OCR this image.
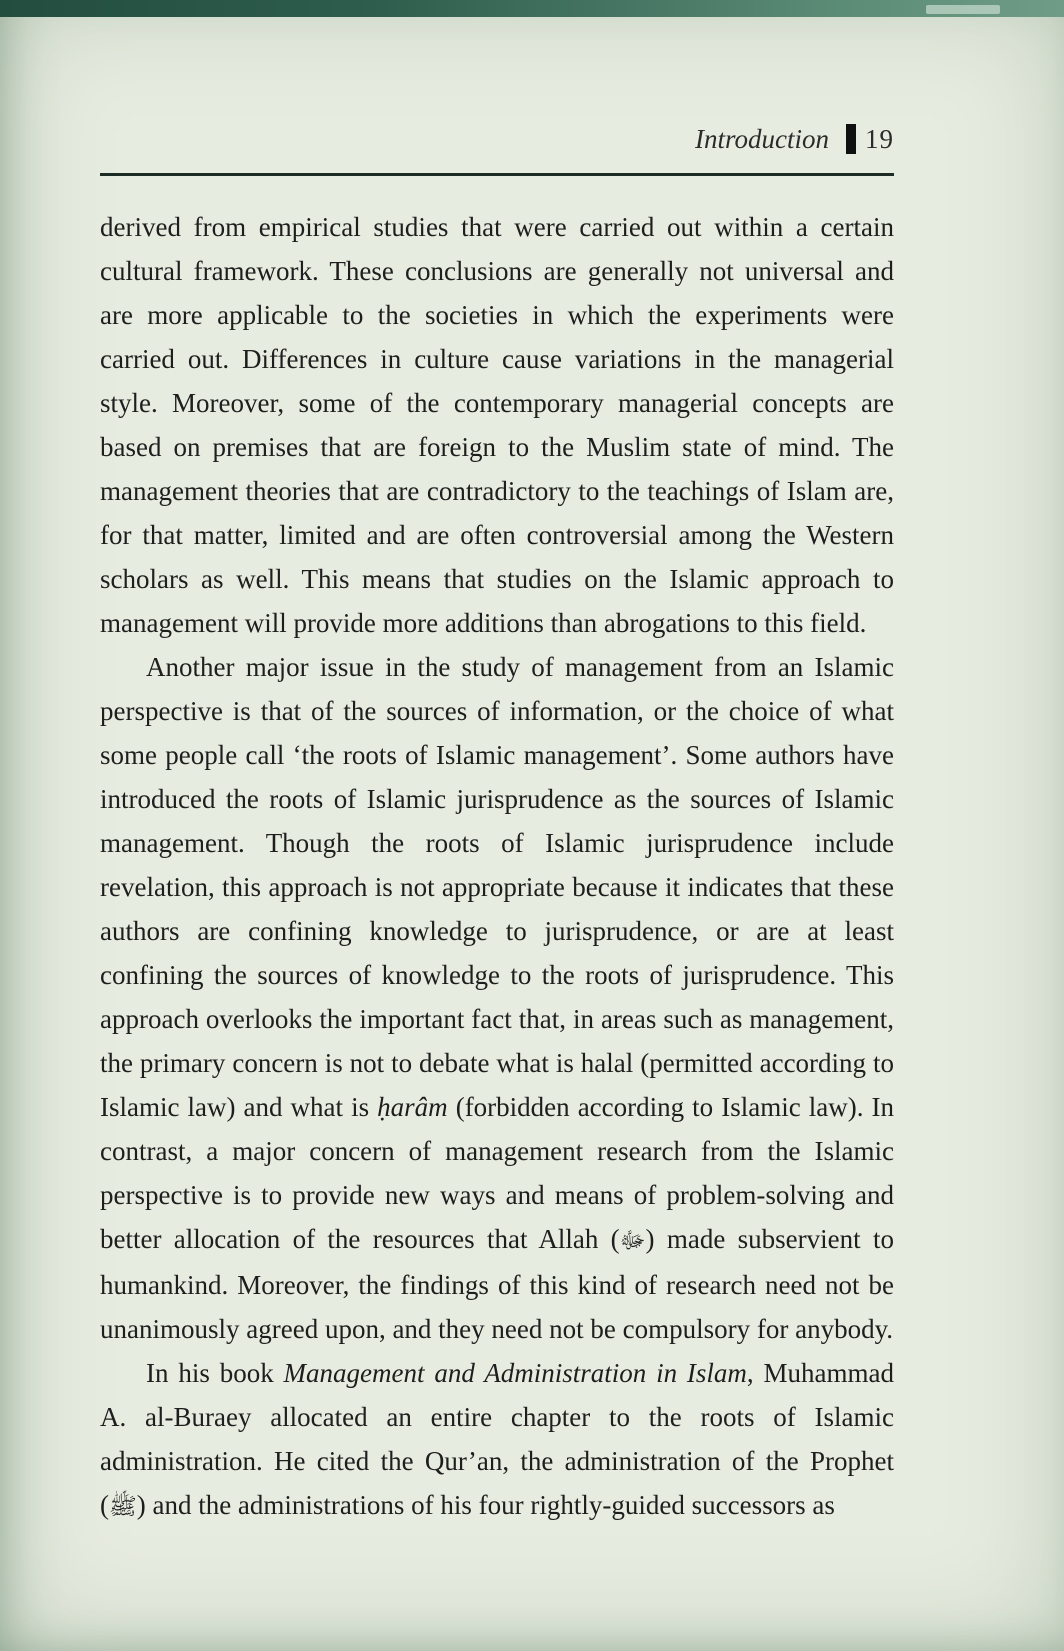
Introduction 19

derived from empirical studies that were carried out within a certain cultural framework. These conclusions are generally not universal and are more applicable to the societies in which the experiments were carried out. Differences in culture cause variations in the managerial style. Moreover, some of the contemporary managerial concepts are based on premises that are foreign to the Muslim state of mind. The management theories that are contradictory to the teachings of Islam are, for that matter, limited and are often controversial among the Western scholars as well. This means that studies on the Islamic approach to management will provide more additions than abrogations to this field.

Another major issue in the study of management from an Islamic perspective is that of the sources of information, or the choice of what some people call ‘the roots of Islamic management’. Some authors have introduced the roots of Islamic jurisprudence as the sources of Islamic management. Though the roots of Islamic jurisprudence include revelation, this approach is not appropriate because it indicates that these authors are confining knowledge to jurisprudence, or are at least confining the sources of knowledge to the roots of jurisprudence. This approach overlooks the important fact that, in areas such as management, the primary concern is not to debate what is halal (permitted according to Islamic law) and what is ḥarâm (forbidden according to Islamic law). In contrast, a major concern of management research from the Islamic perspective is to provide new ways and means of problem-solving and better allocation of the resources that Allah (ﷻ) made subservient to humankind. Moreover, the findings of this kind of research need not be unanimously agreed upon, and they need not be compulsory for anybody.

In his book Management and Administration in Islam, Muhammad A. al-Buraey allocated an entire chapter to the roots of Islamic administration. He cited the Qur’an, the administration of the Prophet (ﷺ) and the administrations of his four rightly-guided successors as
